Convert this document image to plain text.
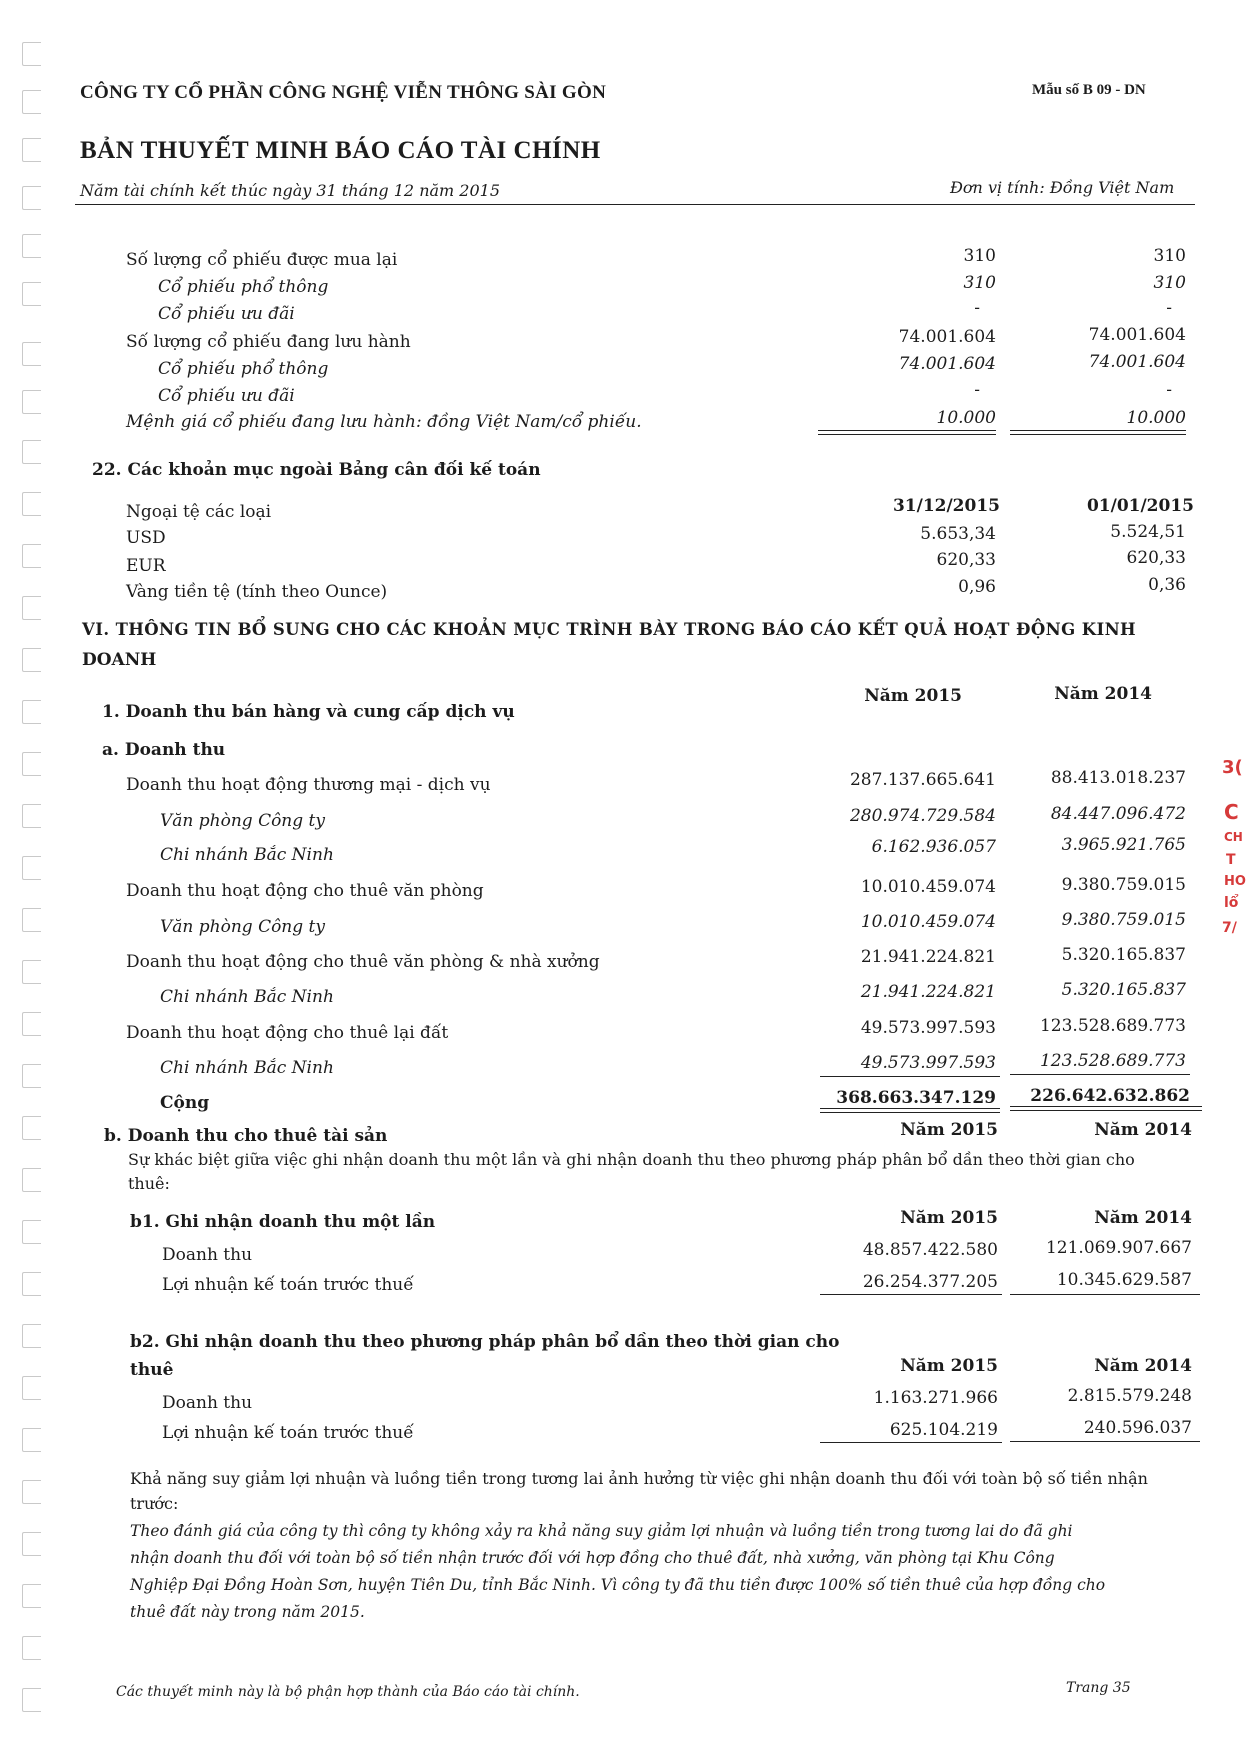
3(
C
CH
T
HO
lổ
7/
CÔNG TY CỔ PHẦN CÔNG NGHỆ VIỄN THÔNG SÀI GÒN	Mẫu số B 09 - DN
BẢN THUYẾT MINH BÁO CÁO TÀI CHÍNH
Năm tài chính kết thúc ngày 31 tháng 12 năm 2015	Đơn vị tính: Đồng Việt Nam
Số lượng cổ phiếu được mua lại	310	310
Cổ phiếu phổ thông	310	310
Cổ phiếu ưu đãi	-	-
Số lượng cổ phiếu đang lưu hành	74.001.604	74.001.604
Cổ phiếu phổ thông	74.001.604	74.001.604
Cổ phiếu ưu đãi	-	-
Mệnh giá cổ phiếu đang lưu hành: đồng Việt Nam/cổ phiếu.	10.000	10.000
22. Các khoản mục ngoài Bảng cân đối kế toán
31/12/2015	01/01/2015
Ngoại tệ các loại
USD	5.653,34	5.524,51
EUR	620,33	620,33
Vàng tiền tệ (tính theo Ounce)	0,96	0,36
VI. THÔNG TIN BỔ SUNG CHO CÁC KHOẢN MỤC TRÌNH BÀY TRONG BÁO CÁO KẾT QUẢ HOẠT ĐỘNG KINH
DOANH
1. Doanh thu bán hàng và cung cấp dịch vụ
Năm 2015	Năm 2014
a. Doanh thu
Doanh thu hoạt động thương mại - dịch vụ	287.137.665.641	88.413.018.237
Văn phòng Công ty	280.974.729.584	84.447.096.472
Chi nhánh Bắc Ninh	6.162.936.057	3.965.921.765
Doanh thu hoạt động cho thuê văn phòng	10.010.459.074	9.380.759.015
Văn phòng Công ty	10.010.459.074	9.380.759.015
Doanh thu hoạt động cho thuê văn phòng & nhà xưởng	21.941.224.821	5.320.165.837
Chi nhánh Bắc Ninh	21.941.224.821	5.320.165.837
Doanh thu hoạt động cho thuê lại đất	49.573.997.593	123.528.689.773
Chi nhánh Bắc Ninh	49.573.997.593	123.528.689.773
Cộng	368.663.347.129	226.642.632.862
b. Doanh thu cho thuê tài sản	Năm 2015	Năm 2014
Sự khác biệt giữa việc ghi nhận doanh thu một lần và ghi nhận doanh thu theo phương pháp phân bổ dần theo thời gian cho
thuê:
b1. Ghi nhận doanh thu một lần	Năm 2015	Năm 2014
Doanh thu	48.857.422.580	121.069.907.667
Lợi nhuận kế toán trước thuế	26.254.377.205	10.345.629.587
b2. Ghi nhận doanh thu theo phương pháp phân bổ dần theo thời gian cho
thuê	Năm 2015	Năm 2014
Doanh thu	1.163.271.966	2.815.579.248
Lợi nhuận kế toán trước thuế	625.104.219	240.596.037
Khả năng suy giảm lợi nhuận và luồng tiền trong tương lai ảnh hưởng từ việc ghi nhận doanh thu đối với toàn bộ số tiền nhận
trước:
Theo đánh giá của công ty thì công ty không xảy ra khả năng suy giảm lợi nhuận và luồng tiền trong tương lai do đã ghi
nhận doanh thu đối với toàn bộ số tiền nhận trước đối với hợp đồng cho thuê đất, nhà xưởng, văn phòng tại Khu Công
Nghiệp Đại Đồng Hoàn Sơn, huyện Tiên Du, tỉnh Bắc Ninh. Vì công ty đã thu tiền được 100% số tiền thuê của hợp đồng cho
thuê đất này trong năm 2015.
Các thuyết minh này là bộ phận hợp thành của Báo cáo tài chính.	Trang 35
